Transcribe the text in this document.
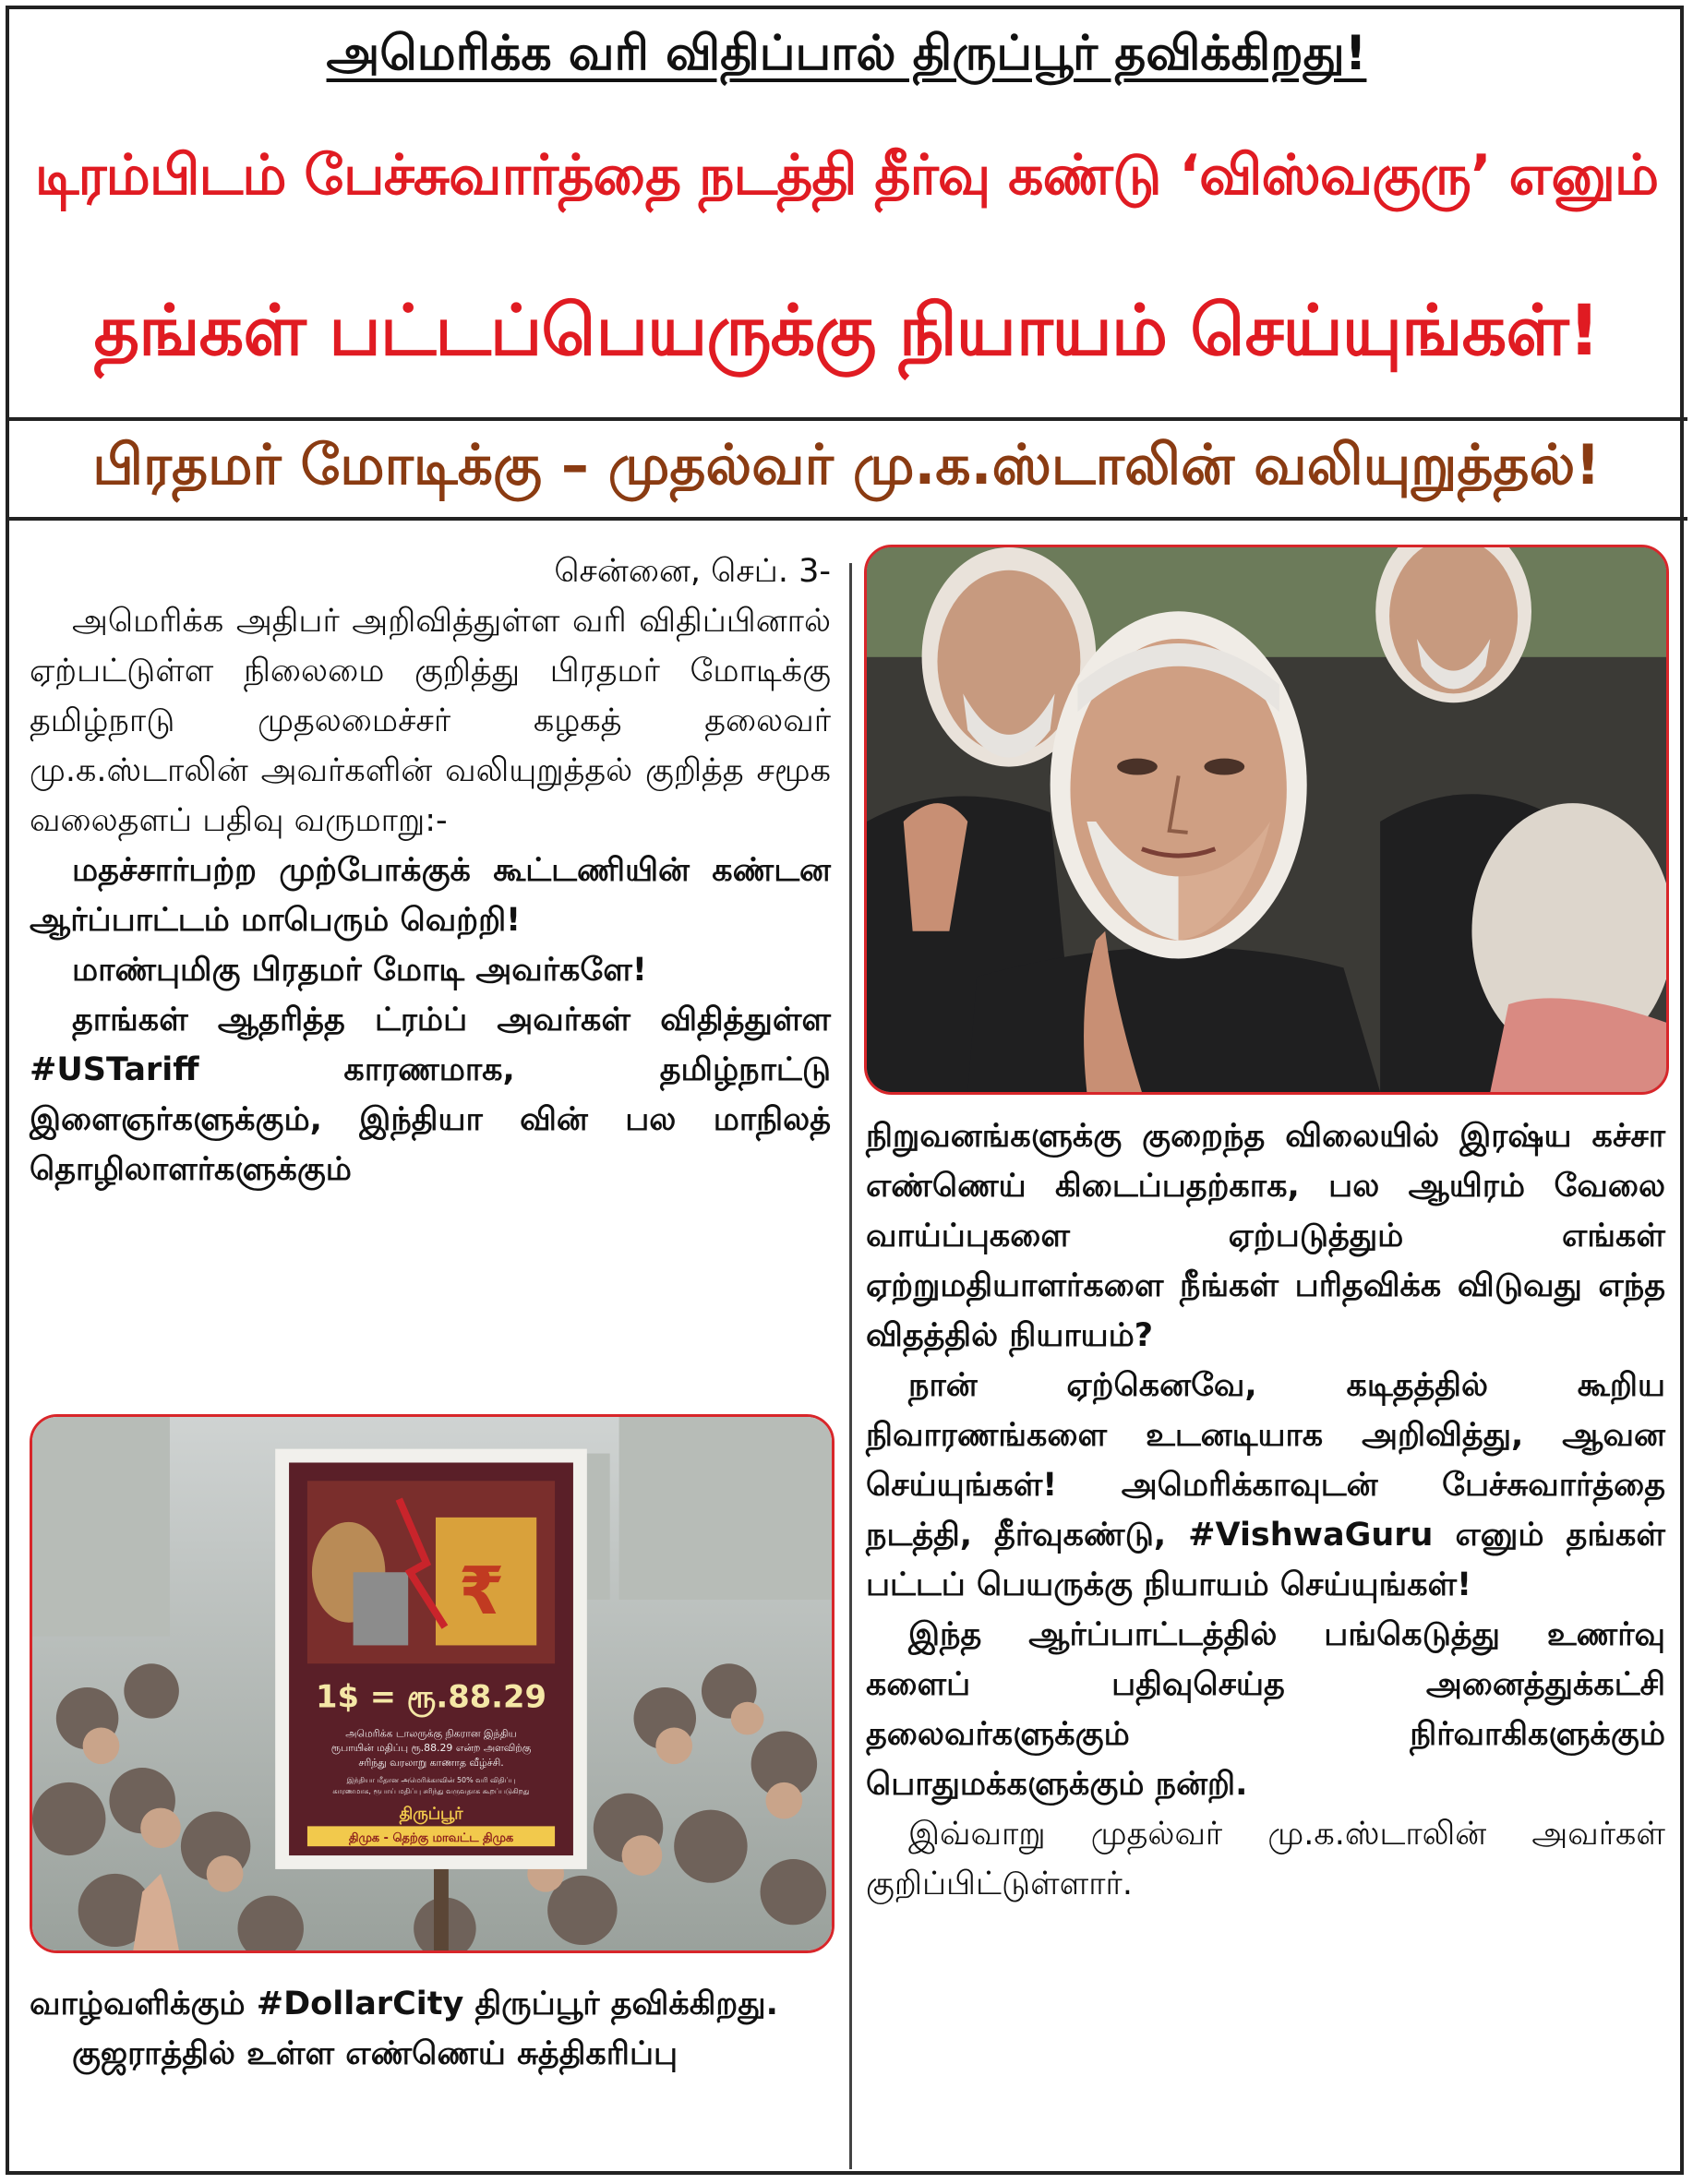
அமெரிக்க வரி விதிப்பால் திருப்பூர் தவிக்கிறது!
டிரம்பிடம் பேச்சுவார்த்தை நடத்தி தீர்வு கண்டு ‘விஸ்வகுரு’ எனும்
தங்கள் பட்டப்பெயருக்கு நியாயம் செய்யுங்கள்!
பிரதமர் மோடிக்கு – முதல்வர் மு.க.ஸ்டாலின் வலியுறுத்தல்!

சென்னை, செப். 3-

அமெரிக்க அதிபர் அறிவித்துள்ள வரி விதிப்பினால் ஏற்பட்டுள்ள நிலைமை குறித்து பிரதமர் மோடிக்கு தமிழ்நாடு முதலமைச்சர் கழகத் தலைவர் மு.க.ஸ்டாலின் அவர்களின் வலியுறுத்தல் குறித்த சமூக வலைதளப் பதிவு வருமாறு:-

மதச்சார்பற்ற முற்போக்குக் கூட்டணியின் கண்டன ஆர்ப்பாட்டம் மாபெரும் வெற்றி!

மாண்புமிகு பிரதமர் மோடி அவர்களே!

தாங்கள் ஆதரித்த ட்ரம்ப் அவர்கள் விதித்துள்ள #USTariff காரணமாக, தமிழ்நாட்டு இளைஞர்களுக்கும், இந்தியா வின் பல மாநிலத் தொழிலாளர்களுக்கும்

₹
1$ = ரூ.88.29
அமெரிக்க டாலருக்கு நிகரான இந்திய
ரூபாயின் மதிப்பு ரூ.88.29 என்ற அளவிற்கு
சரிந்து வரலாறு காணாத வீழ்ச்சி.
இந்தியா மீதான அமெரிக்காவின் 50% வரி விதிப்பு
காரணமாக, ரூபாய் மதிப்பு சரிந்து வருவதாக கூறப்படுகிறது
திருப்பூர்
திமுக - தெற்கு மாவட்ட திமுக

வாழ்வளிக்கும் #DollarCity திருப்பூர் தவிக்கிறது.

குஜராத்தில் உள்ள எண்ணெய் சுத்திகரிப்பு

நிறுவனங்களுக்கு குறைந்த விலையில் இரஷ்ய கச்சா எண்ணெய் கிடைப்பதற்காக, பல ஆயிரம் வேலை வாய்ப்புகளை ஏற்படுத்தும் எங்கள் ஏற்றுமதியாளர்களை நீங்கள் பரிதவிக்க விடுவது எந்த விதத்தில் நியாயம்?

நான் ஏற்கெனவே, கடிதத்தில் கூறிய நிவாரணங்களை உடனடியாக அறிவித்து, ஆவன செய்யுங்கள்! அமெரிக்காவுடன் பேச்சுவார்த்தை நடத்தி, தீர்வுகண்டு, #VishwaGuru எனும் தங்கள் பட்டப் பெயருக்கு நியாயம் செய்யுங்கள்!

இந்த ஆர்ப்பாட்டத்தில் பங்கெடுத்து உணர்வு களைப் பதிவுசெய்த அனைத்துக்கட்சி தலைவர்களுக்கும் நிர்வாகிகளுக்கும் பொதுமக்களுக்கும் நன்றி.

இவ்வாறு முதல்வர் மு.க.ஸ்டாலின் அவர்கள் குறிப்பிட்டுள்ளார்.
